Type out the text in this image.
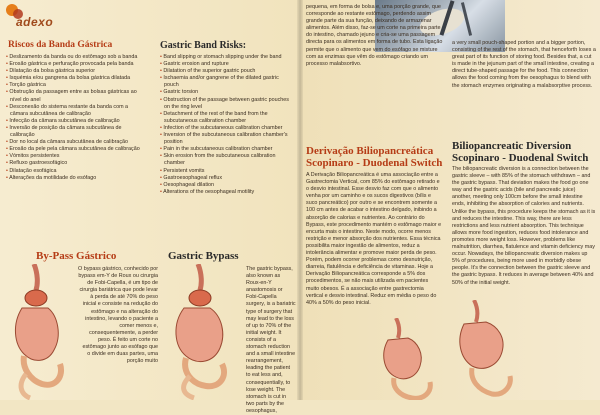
adexo
Riscos da Banda Gástrica
• Deslizamento da banda ou do estômago sob a banda
• Erosão gástrica e perfuração provocada pela banda
• Dilatação da bolsa gástrica superior
• Isquémia e/ou gangrena da bolsa gástrica dilatada
• Torção gástrica
• Obstrução da passagem entre as bolsas gástricas ao nível do anel
• Desconexão do sistema restante da banda com a câmara subcutânea de calibração
• Infecção da câmara subcutânea de calibração
• Inversão de posição da câmara subcutânea de calibração
• Dor no local da câmara subcutânea de calibração
• Erosão da pele pela câmara subcutânea de calibração
• Vómitos persistentes
• Refluxo gastroesofágico
• Dilatação esofágica
• Alterações da motilidade do esófago
Gastric Band Risks:
• Band slipping or stomach slipping under the band
• Gastric erosion and rupture
• Dilatation of the superior gastric pouch
• Ischaemia and/or gangrene of the dilated gastric pouch
• Gastric torsion
• Obstruction of the passage between gastric pouches on the ring level
• Detachment of the rest of the band from the subcutaneous calibration chamber
• Infection of the subcutaneous calibration chamber
• Inversion of the subcutaneous calibration chamber's position
• Pain in the subcutaneous calibration chamber
• Skin erosion from the subcutaneous calibration chamber
• Persistent vomits
• Gastroesophageal reflux
• Oesophageal dilation
• Alterations of the oesophageal motility
By-Pass Gástrico
O bypass gástrico, conhecido por bypass em-Y de Roux ou cirurgia de Fobi-Capella, é um tipo de cirurgia bariátrica que pode levar à perda de até 70% do peso inicial e consiste na redução do estômago e na alteração do intestino, levando o paciente a comer menos e, consequentemente, a perder peso. É feito um corte no estômago junto ao esófago que o divide em duas partes, uma porção muito
Gastric Bypass
The gastric bypass, also known as Roux-en-Y anastomosis or Fobi-Capella surgery, is a bariatric type of surgery that may lead to the loss of up to 70% of the initial weight. It consists of a stomach reduction and a small intestine rearrangement, leading the patient to eat less and, consequentially, to lose weight. The stomach is cut in two parts by the oesophagus,
pequena, em forma de bolsa e, uma porção grande, que corresponde ao restante estômago, perdendo assim grande parte da sua função, deixando de armazenar alimentos. Além disso, faz-se um corte na primeira parte do intestino, chamado jejuno e cria-se uma passagem directa para os alimentos em forma de tubo. Esta ligação permite que o alimento que vem do esófago se misture com as enzimas que vêm do estômago criando um processo malabsortivo.
a very small pouch-shaped portion and a bigger portion, consisting of the rest of the stomach, that henceforth loses a great part of its function of storing food. Besides that, a cut is made in the jejunum part of the small intestine, creating a direct tube-shaped passage for the food. This connection allows the food coming from the oesophagus to blend with the stomach enzymes originating a malabsorptive process.
Derivação Biliopancreática
Scopinaro - Duodenal Switch
A Derivação Biliopancreática é uma associação entre a Gastrectomia Vertical, com 85% do estômago retirado e o desvio intestinal. Esse desvio faz com que o alimento venha por um caminho e os sucos digestivos (bílis e suco pancreático) por outro e se encontrem somente a 100 cm antes de acabar o intestino delgado, inibindo a absorção de calorias e nutrientes. Ao contrário do Bypass, este procedimento mantém o estômago maior e encurta mais o intestino. Neste modo, ocorre menos restrição e menor absorção dos nutrientes. Essa técnica possibilita maior ingestão de alimentos, reduz a intolerância alimentar e promove maior perda de peso. Porém, podem ocorrer problemas como desnutrição, diarreia, flatulência e deficiência de vitaminas. Hoje a Derivação Biliopancreática corresponde a 5% dos procedimentos, se não mais utilizada em pacientes muito obesos. É a associação entre gastrectomia vertical e desvio intestinal. Reduz em média o peso do 40% a 50% do peso inicial.
Biliopancreatic Diversion
Scopinaro - Duodenal Switch
The biliopancreatic diversion is a connection between the gastric sleeve – with 85% of the stomach withdrawn – and the gastric bypass. That deviation makes the food go one way and the gastric acids (bile and pancreatic juice) another, meeting only 100cm before the small intestine ends, inhibiting the absorption of calories and nutrients. Unlike the bypass, this procedure keeps the stomach as it is and reduces the intestine. This way, there are less restrictions and less nutrient absorption. This technique allows more food ingestion, reduces food intolerance and promotes more weight loss. However, problems like malnutrition, diarrhea, flatulence and vitamin deficiency may occur. Nowadays, the biliopancreatic diversion makes up 5% of procedures, being more used in morbidly obese people. It's the connection between the gastric sleeve and the gastric bypass. It reduces in average between 40% and 50% of the initial weight.
